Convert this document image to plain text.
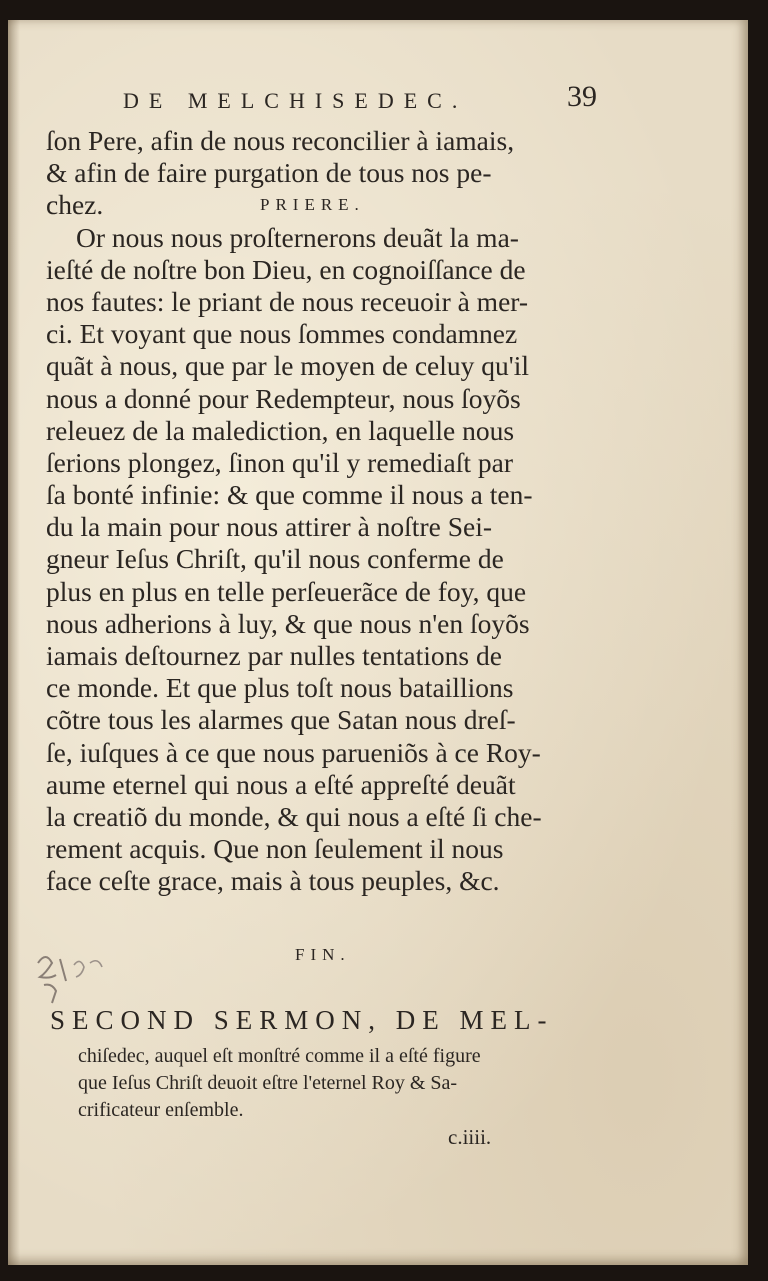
DE MELCHISEDEC.	39
ſon Pere, afin de nous reconcilier à iamais,
& afin de faire purgation de tous nos pe-
chez.	PRIERE.
Or nous nous proſternerons deuãt la ma-
ieſté de noſtre bon Dieu, en cognoiſſance de
nos fautes: le priant de nous receuoir à mer-
ci. Et voyant que nous ſommes condamnez
quãt à nous, que par le moyen de celuy qu'il
nous a donné pour Redempteur, nous ſoyõs
releuez de la malediction, en laquelle nous
ſerions plongez, ſinon qu'il y remediaſt par
ſa bonté infinie: & que comme il nous a ten-
du la main pour nous attirer à noſtre Sei-
gneur Ieſus Chriſt, qu'il nous conferme de
plus en plus en telle perſeuerãce de foy, que
nous adherions à luy, & que nous n'en ſoyõs
iamais deſtournez par nulles tentations de
ce monde. Et que plus toſt nous bataillions
cõtre tous les alarmes que Satan nous dreſ-
ſe, iuſques à ce que nous parueniõs à ce Roy-
aume eternel qui nous a eſté appreſté deuãt
la creatiõ du monde, & qui nous a eſté ſi che-
rement acquis. Que non ſeulement il nous
face ceſte grace, mais à tous peuples, &c.
FIN.
SECOND SERMON, DE MEL-
chiſedec, auquel eſt monſtré comme il a eſté figure
que Ieſus Chriſt deuoit eſtre l'eternel Roy & Sa-
crificateur enſemble.
c.iiii.
